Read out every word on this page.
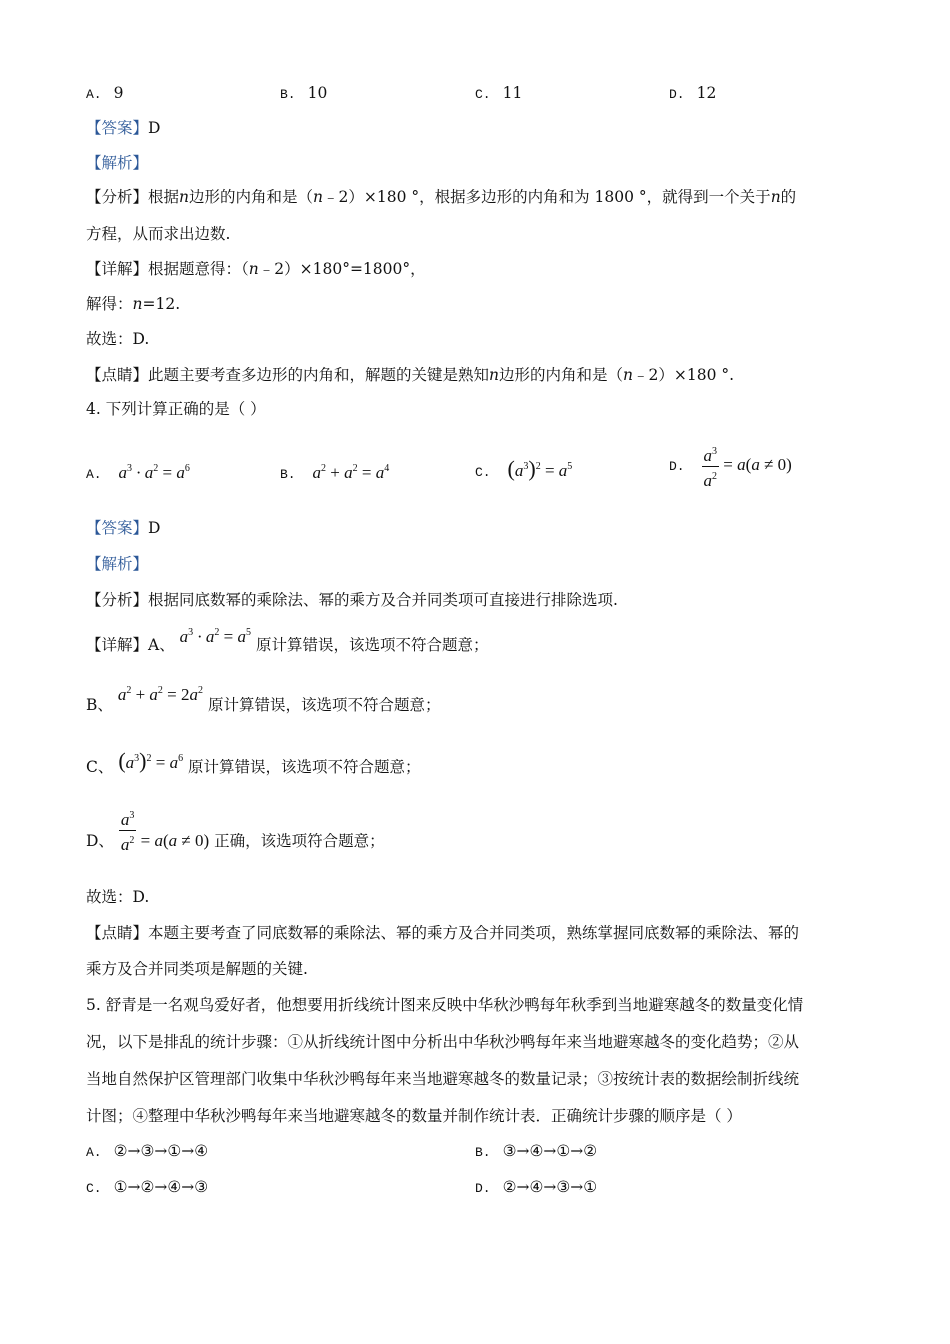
A. 9	B. 10	C. 11	D. 12
【答案】D
【解析】
【分析】根据n边形的内角和是（n﹣2）×180 °，根据多边形的内角和为 1800 °，就得到一个关于n的
方程，从而求出边数.
【详解】根据题意得：（n﹣2）×180°=1800°，
解得：n=12.
故选：D.
【点睛】此题主要考查多边形的内角和，解题的关键是熟知n边形的内角和是（n﹣2）×180 °.
4. 下列计算正确的是（ ）
A. $a^3 \cdot a^2 = a^6$	B. $a^2 + a^2 = a^4$	C. $(a^3)^2 = a^5$	D. $\frac{a^3}{a^2} = a(a \ne 0)$
【答案】D
【解析】
【分析】根据同底数幂的乘除法、幂的乘方及合并同类项可直接进行排除选项.
【详解】A、 $a^3 \cdot a^2 = a^5$ 原计算错误，该选项不符合题意；
B、 $a^2 + a^2 = 2a^2$ 原计算错误，该选项不符合题意；
C、 $(a^3)^2 = a^6$ 原计算错误，该选项不符合题意；
D、 $\frac{a^3}{a^2} = a(a \ne 0)$ 正确，该选项符合题意；
故选：D.
【点睛】本题主要考查了同底数幂的乘除法、幂的乘方及合并同类项，熟练掌握同底数幂的乘除法、幂的
乘方及合并同类项是解题的关键.
5. 舒青是一名观鸟爱好者，他想要用折线统计图来反映中华秋沙鸭每年秋季到当地避寒越冬的数量变化情
况，以下是排乱的统计步骤：①从折线统计图中分析出中华秋沙鸭每年来当地避寒越冬的变化趋势；②从
当地自然保护区管理部门收集中华秋沙鸭每年来当地避寒越冬的数量记录；③按统计表的数据绘制折线统
计图；④整理中华秋沙鸭每年来当地避寒越冬的数量并制作统计表．正确统计步骤的顺序是（ ）
A. ②→③→①→④	B. ③→④→①→②
C. ①→②→④→③	D. ②→④→③→①
